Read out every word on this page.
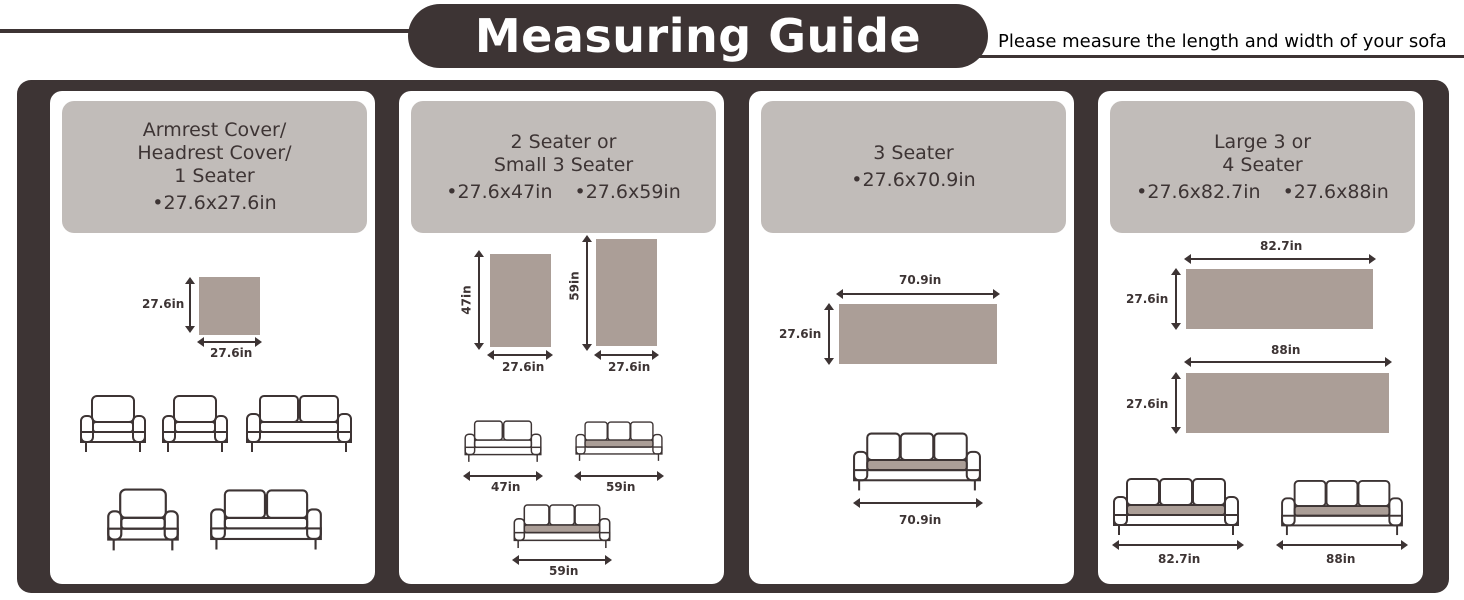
Measuring Guide	Please measure the length and width of your sofa
Armrest Cover/
Headrest Cover/
1 Seater
•27.6x27.6in
27.6in
27.6in
2 Seater or
Small 3 Seater
•27.6x47in •27.6x59in
47in
27.6in
59in
27.6in
47in	59in
59in
3 Seater
•27.6x70.9in
70.9in
27.6in
70.9in
Large 3 or
4 Seater
•27.6x82.7in •27.6x88in
82.7in
27.6in
88in
27.6in
82.7in	88in
